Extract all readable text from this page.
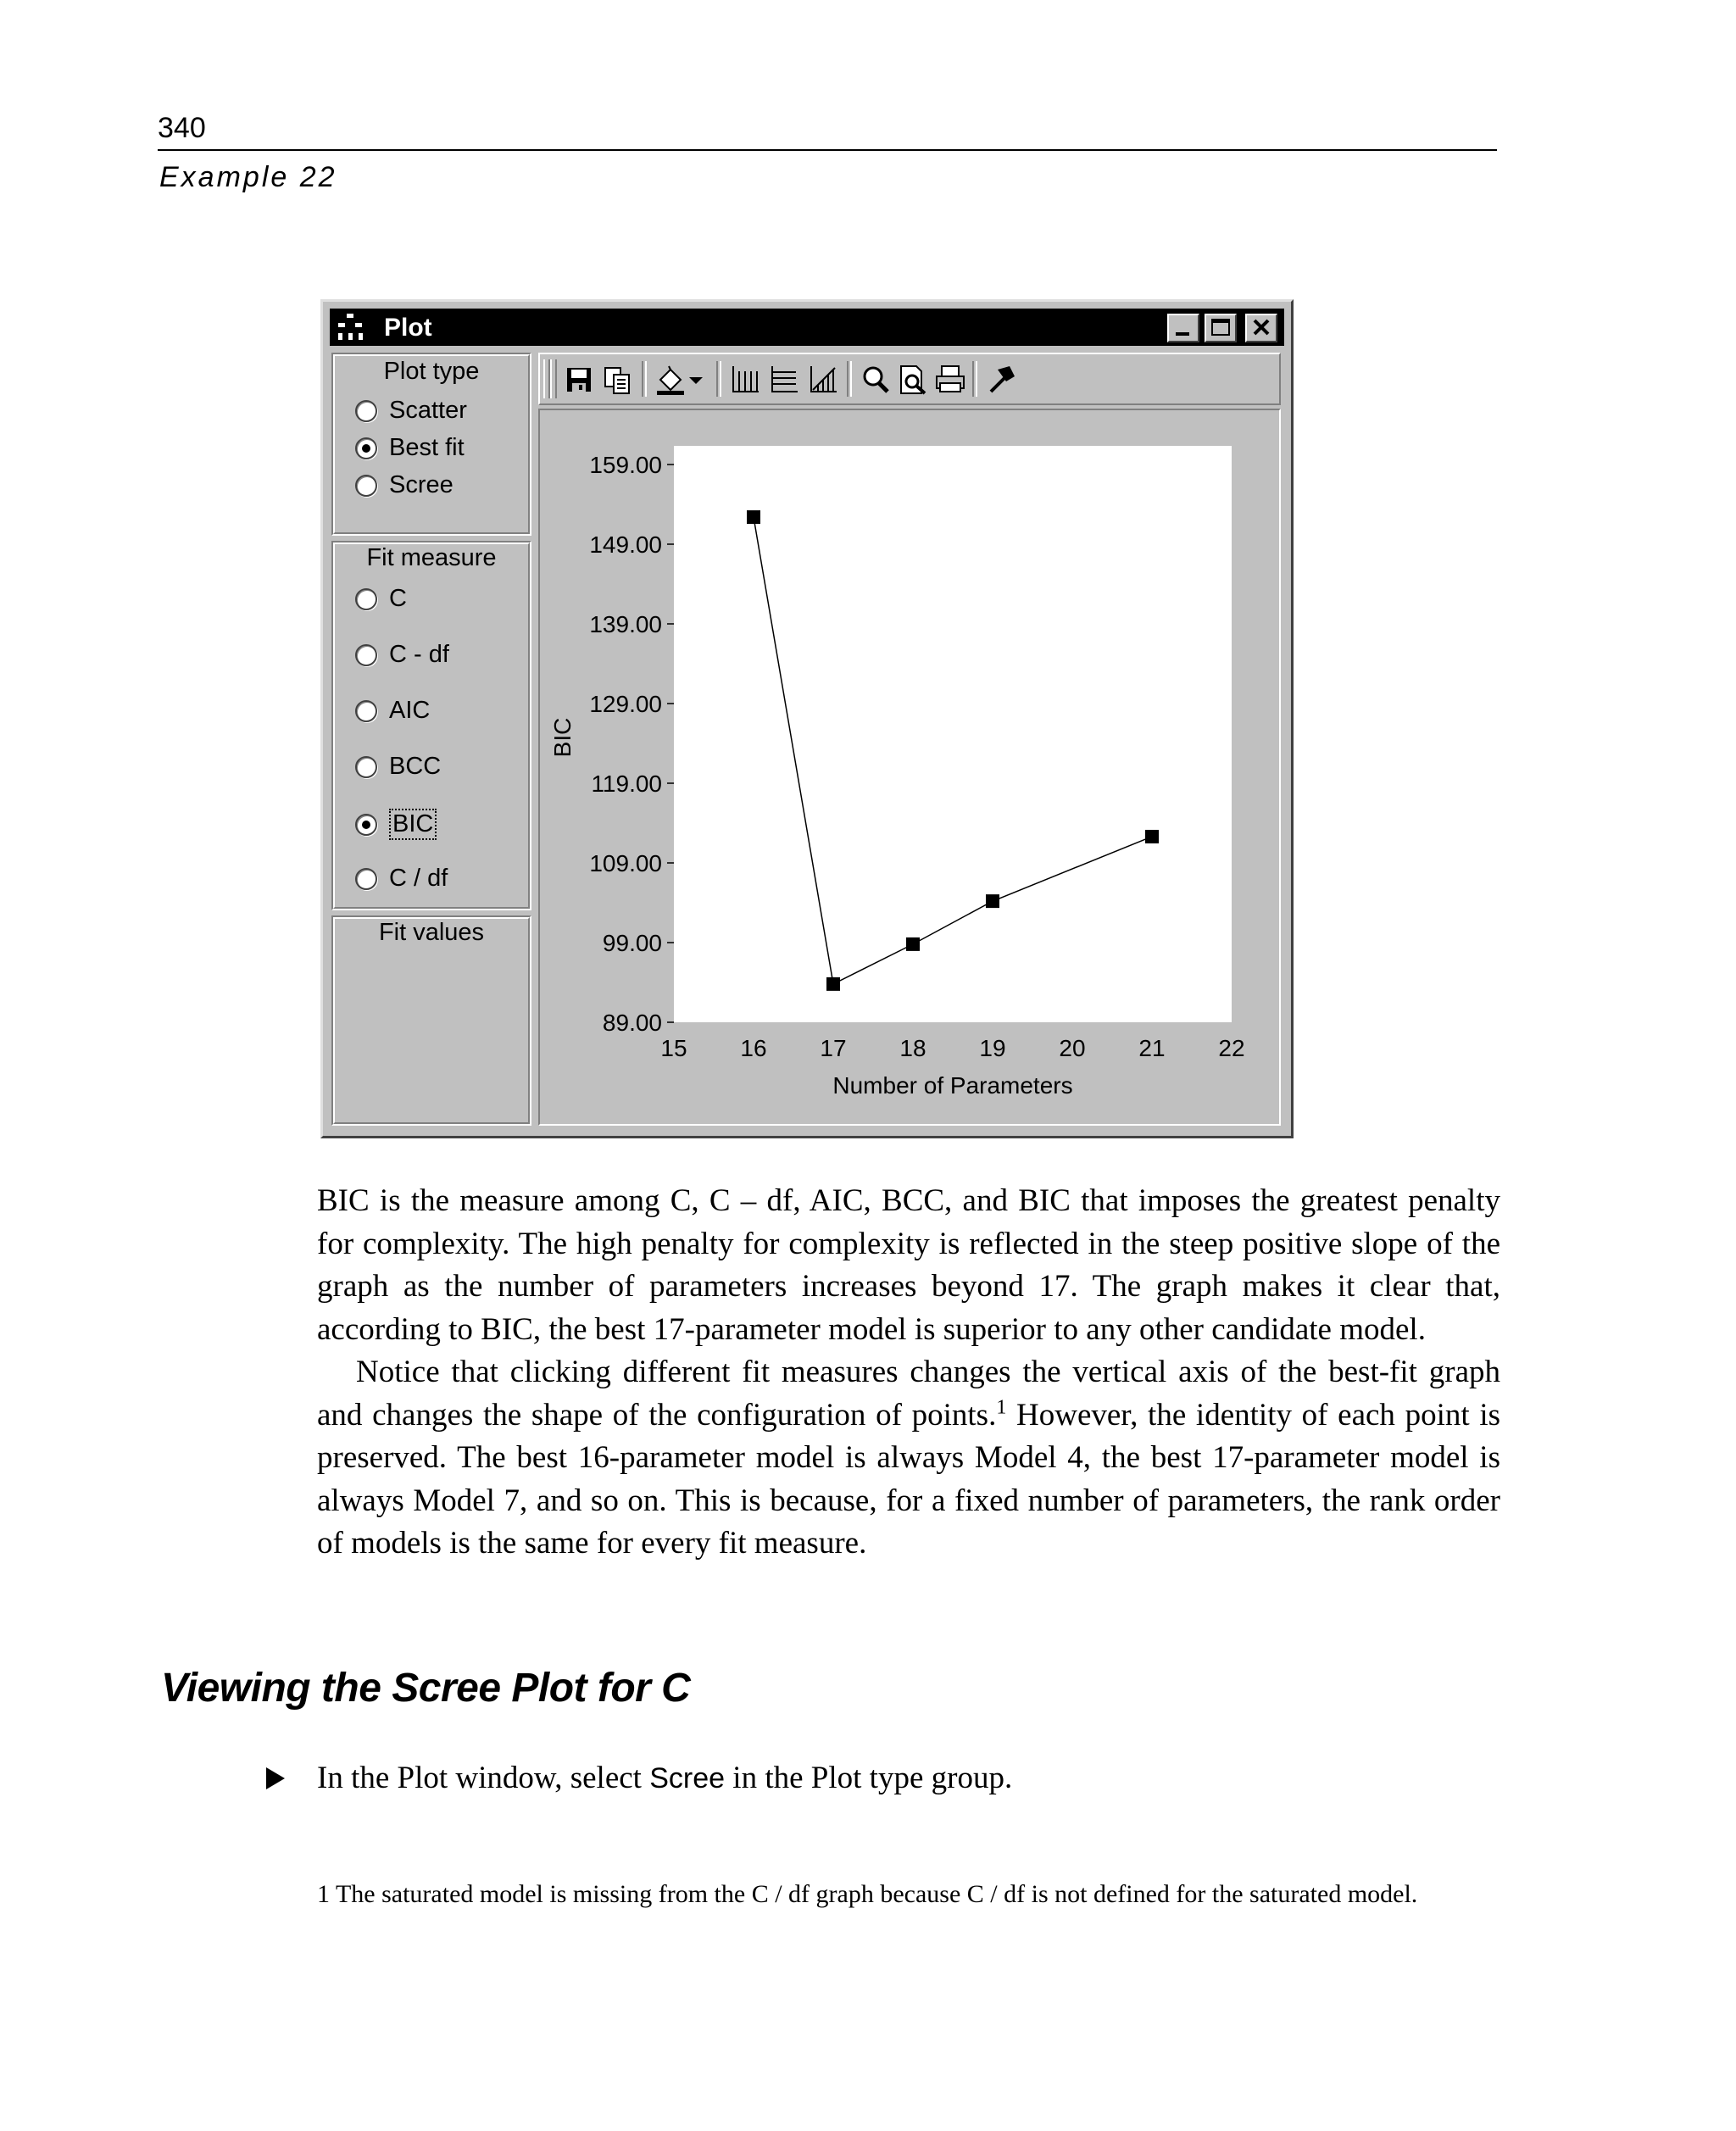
340
Example 22
Plot
Plot type
Scatter
Best fit
Scree
Fit measure
C
C - df
AIC
BCC
BIC
C / df
Fit values
159.00
149.00
139.00
129.00
119.00
109.00
99.00
89.00
15 16 17 18 19 20 21 22
Number of Parameters
BIC

BIC is the measure among C, C – df, AIC, BCC, and BIC that imposes the greatest penalty for complexity. The high penalty for complexity is reflected in the steep positive slope of the graph as the number of parameters increases beyond 17. The graph makes it clear that, according to BIC, the best 17-parameter model is superior to any other candidate model.

Notice that clicking different fit measures changes the vertical axis of the best-fit graph and changes the shape of the configuration of points.$^1$ However, the identity of each point is preserved. The best 16-parameter model is always Model 4, the best 17-parameter model is always Model 7, and so on. This is because, for a fixed number of parameters, the rank order of models is the same for every fit measure.

Viewing the Scree Plot for C
In the Plot window, select Scree in the Plot type group.
1 The saturated model is missing from the C / df graph because C / df is not defined for the saturated model.
